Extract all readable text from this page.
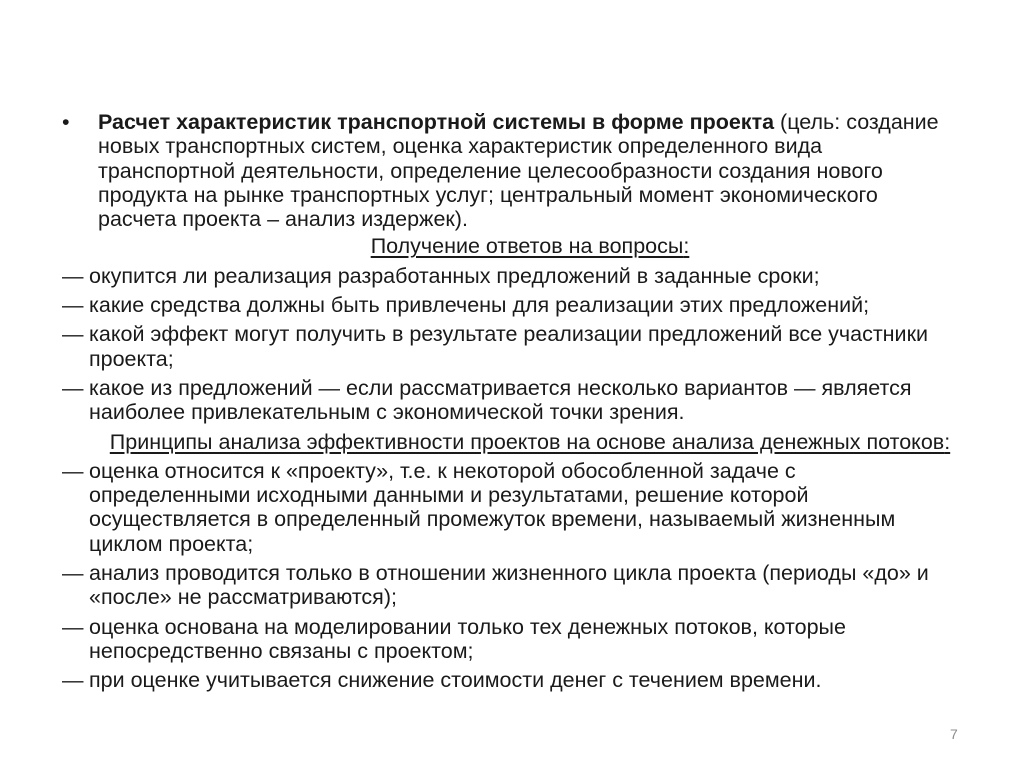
•	Расчет характеристик транспортной системы в форме проекта (цель: создание новых транспортных систем, оценка характеристик определенного вида транспортной деятельности, определение целесообразности создания нового продукта на рынке транспортных услуг; центральный момент экономического расчета проекта – анализ издержек).
Получение ответов на вопросы:
— окупится ли реализация разработанных предложений в заданные сроки;
— какие средства должны быть привлечены для реализации этих предложений;
— какой эффект могут получить в результате реализации предложений все участники проекта;
— какое из предложений — если рассматривается несколько вариантов — является наиболее привлекательным с экономической точки зрения.
Принципы анализа эффективности проектов на основе анализа денежных потоков:
— оценка относится к «проекту», т.е. к некоторой обособленной задаче с определенными исходными данными и результатами, решение которой осуществляется в определенный промежуток времени, называемый жизненным циклом проекта;
— анализ проводится только в отношении жизненного цикла проекта (периоды «до» и «после» не рассматриваются);
— оценка основана на моделировании только тех денежных потоков, которые непосредственно связаны с проектом;
— при оценке учитывается снижение стоимости денег с течением времени.
7
